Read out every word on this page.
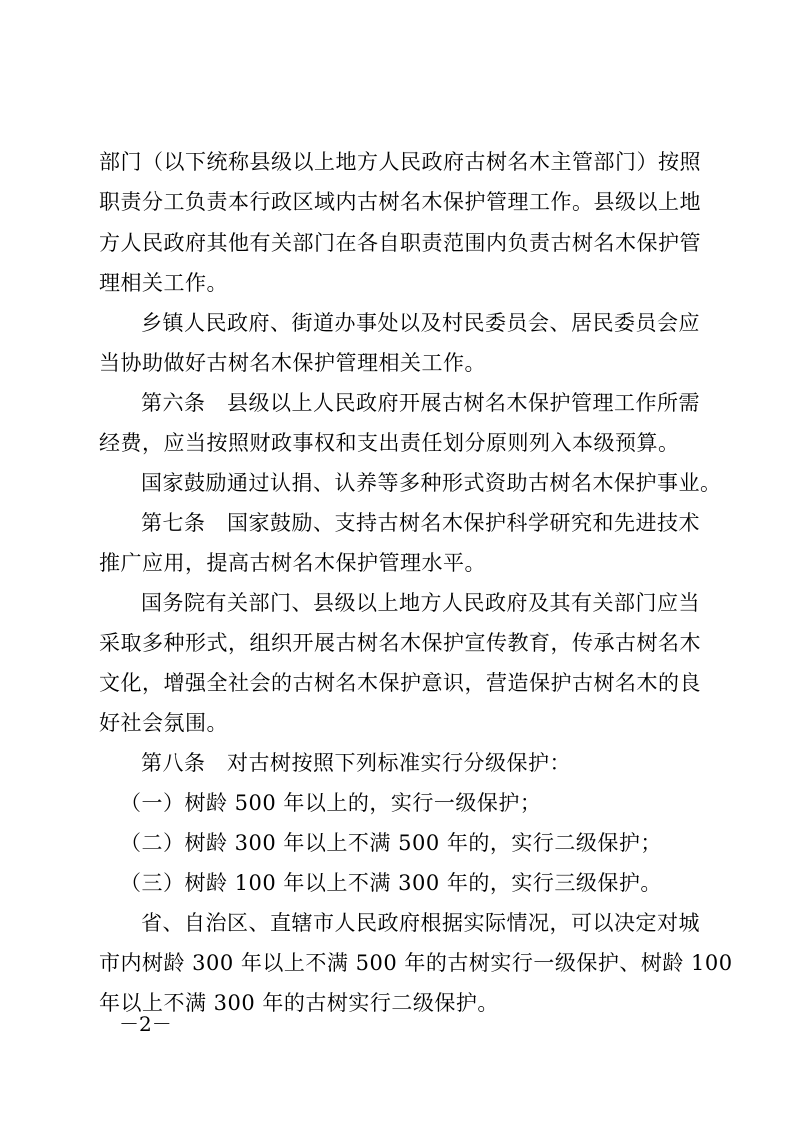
部门（以下统称县级以上地方人民政府古树名木主管部门）按照
职责分工负责本行政区域内古树名木保护管理工作。县级以上地
方人民政府其他有关部门在各自职责范围内负责古树名木保护管
理相关工作。
乡镇人民政府、街道办事处以及村民委员会、居民委员会应
当协助做好古树名木保护管理相关工作。
第六条　县级以上人民政府开展古树名木保护管理工作所需
经费，应当按照财政事权和支出责任划分原则列入本级预算。
国家鼓励通过认捐、认养等多种形式资助古树名木保护事业。
第七条　国家鼓励、支持古树名木保护科学研究和先进技术
推广应用，提高古树名木保护管理水平。
国务院有关部门、县级以上地方人民政府及其有关部门应当
采取多种形式，组织开展古树名木保护宣传教育，传承古树名木
文化，增强全社会的古树名木保护意识，营造保护古树名木的良
好社会氛围。
第八条　对古树按照下列标准实行分级保护：
（一）树龄 500 年以上的，实行一级保护；
（二）树龄 300 年以上不满 500 年的，实行二级保护；
（三）树龄 100 年以上不满 300 年的，实行三级保护。
省、自治区、直辖市人民政府根据实际情况，可以决定对城
市内树龄 300 年以上不满 500 年的古树实行一级保护、树龄 100
年以上不满 300 年的古树实行二级保护。
－2－
